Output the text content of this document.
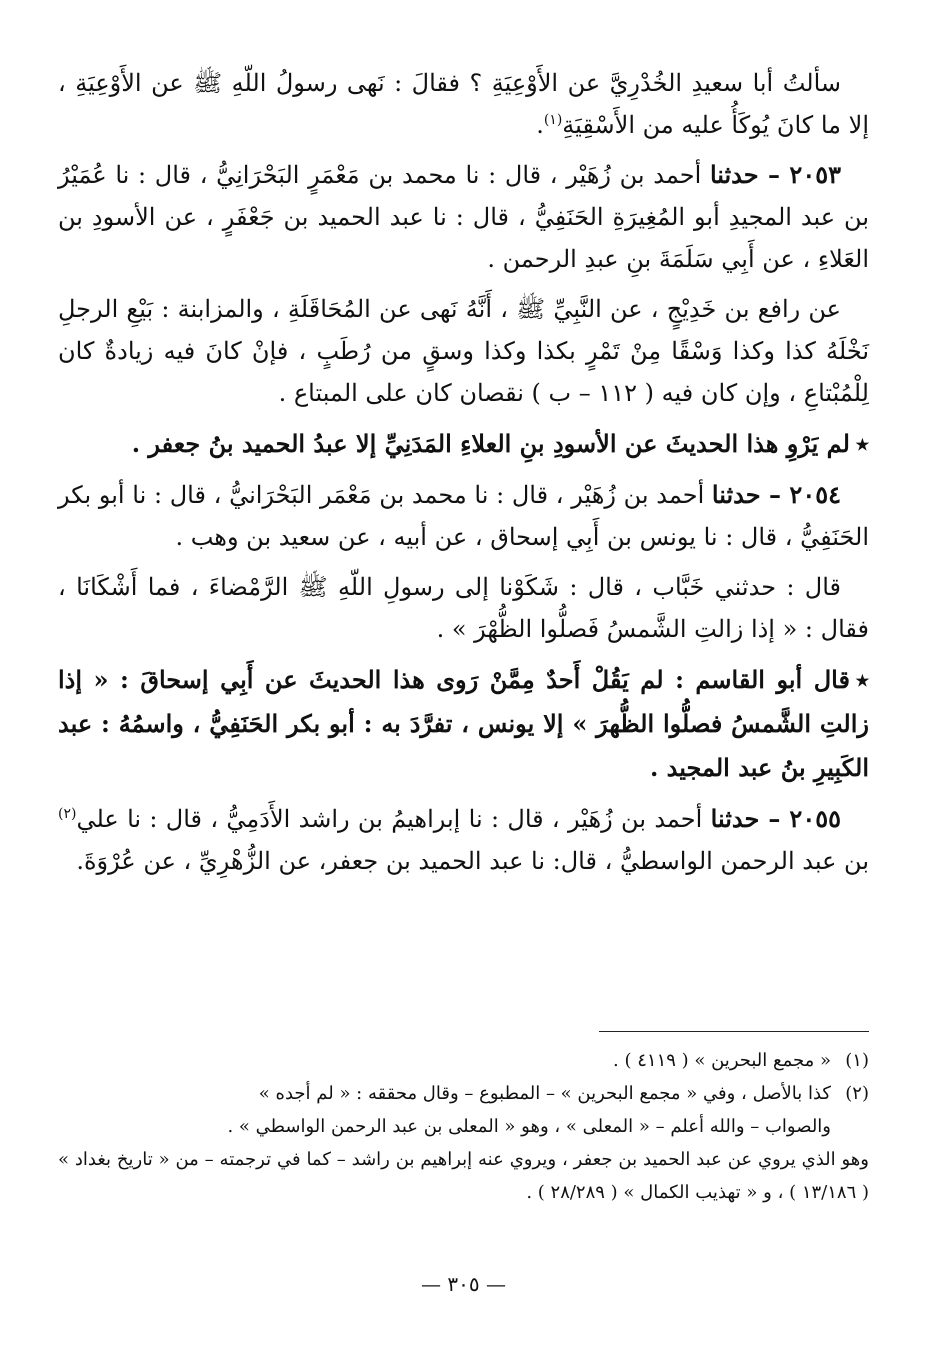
سألتُ أبا سعيدِ الخُدْرِيَّ عن الأَوْعِيَةِ ؟ فقالَ : نَهى رسولُ اللّهِ ﷺ عن الأَوْعِيَةِ ، إلا ما كانَ يُوكَأُ عليه من الأَسْقِيَةِ$^{(١)}$.

٢٠٥٣ – حدثنا أحمد بن زُهَيْر ، قال : نا محمد بن مَعْمَرٍ البَحْرَانِيُّ ، قال : نا عُمَيْرُ بن عبد المجيدِ أبو المُغِيرَةِ الحَنَفِيُّ ، قال : نا عبد الحميد بن جَعْفَرٍ ، عن الأسودِ بن العَلاءِ ، عن أَبِي سَلَمَةَ بنِ عبدِ الرحمن .

عن رافع بن خَدِيْجٍ ، عن النَّبِيِّ ﷺ ، أَنَّهُ نَهى عن المُحَاقَلَةِ ، والمزابنة : بَيْعِ الرجلِ نَخْلَهُ كذا وكذا وَسْقًا مِنْ تَمْرٍ بكذا وكذا وسقٍ من رُطَبٍ ، فإنْ كانَ فيه زيادةٌ كان لِلْمُبْتاعِ ، وإن كان فيه ( ١١٢ – ب ) نقصان كان على المبتاع .

٭لم يَرْوِ هذا الحديثَ عن الأسودِ بنِ العلاءِ المَدَنِيِّ إلا عبدُ الحميد بنُ جعفر .

٢٠٥٤ – حدثنا أحمد بن زُهَيْر ، قال : نا محمد بن مَعْمَر البَحْرَانيُّ ، قال : نا أبو بكر الحَنَفِيُّ ، قال : نا يونس بن أَبِي إسحاق ، عن أبيه ، عن سعيد بن وهب .

قال : حدثني خَبَّاب ، قال : شَكَوْنا إلى رسولِ اللّهِ ﷺ الرَّمْضاءَ ، فما أَشْكَانَا ، فقال : « إذا زالتِ الشَّمسُ فَصلُّوا الظُّهْرَ » .

٭قال أبو القاسم : لم يَقُلْ أَحدٌ مِمَّنْ رَوى هذا الحديثَ عن أَبِي إسحاقَ : « إذا زالتِ الشَّمسُ فصلُّوا الظُّهرَ » إلا يونس ، تفرَّدَ به : أبو بكر الحَنَفِيُّ ، واسمُهُ : عبد الكَبِيرِ بنُ عبد المجيد .

٢٠٥٥ – حدثنا أحمد بن زُهَيْر ، قال : نا إبراهيمُ بن راشد الأَدَمِيُّ ، قال : نا علي$^{(٢)}$ بن عبد الرحمن الواسطيُّ ، قال: نا عبد الحميد بن جعفر، عن الزُّهْرِيِّ ، عن عُرْوَةَ.

(١)« مجمع البحرين » ( ٤١١٩ ) .

(٢)كذا بالأصل ، وفي « مجمع البحرين » – المطبوع – وقال محققه : « لم أجده »

والصواب – والله أعلم – « المعلى » ، وهو « المعلى بن عبد الرحمن الواسطي » .

وهو الذي يروي عن عبد الحميد بن جعفر ، ويروي عنه إبراهيم بن راشد – كما في ترجمته – من « تاريخ بغداد » ( ١٣/١٨٦ ) ، و « تهذيب الكمال » ( ٢٨/٢٨٩ ) .

— ٣٠٥ —
